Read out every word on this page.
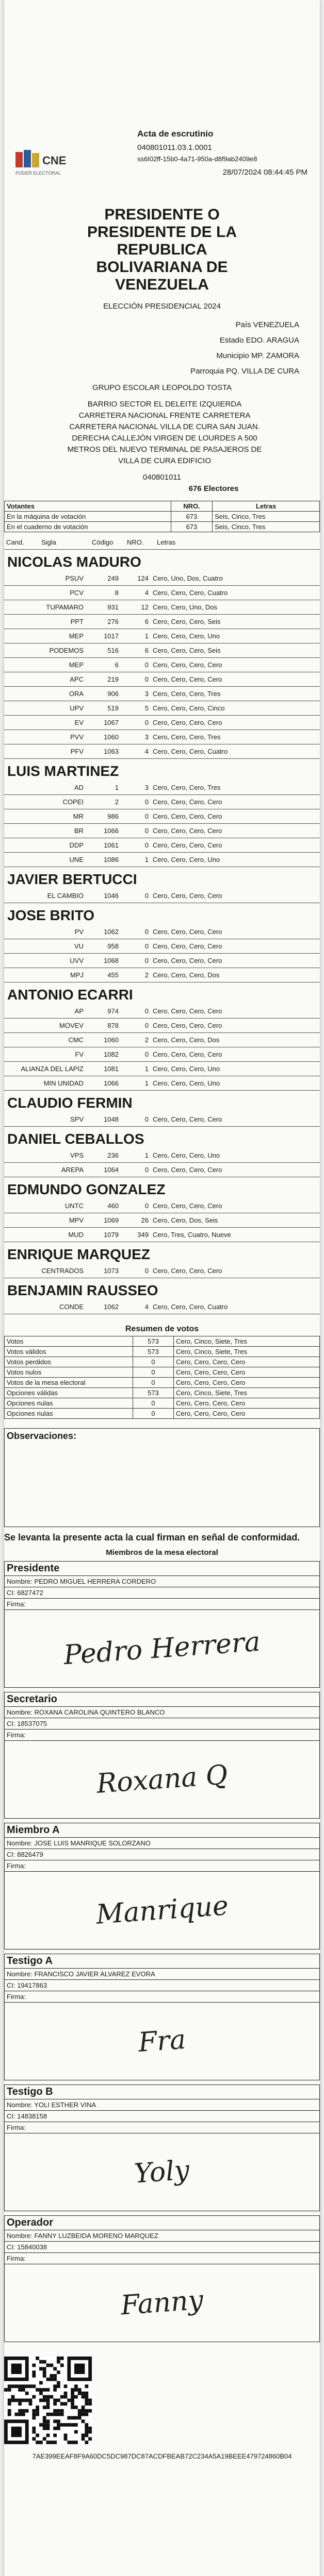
CNE
PODER ELECTORAL
Acta de escrutinio
040801011.03.1.0001
ss6I02ff-15b0-4a71-950a-d8f9ab2409e8
28/07/2024 08:44:45 PM
PRESIDENTE O
PRESIDENTE DE LA
REPUBLICA
BOLIVARIANA DE
VENEZUELA
ELECCIÓN PRESIDENCIAL 2024
País VENEZUELA
Estado EDO. ARAGUA
Municipio MP. ZAMORA
Parroquia PQ. VILLA DE CURA
GRUPO ESCOLAR LEOPOLDO TOSTA
BARRIO SECTOR EL DELEITE IZQUIERDA CARRETERA NACIONAL FRENTE CARRETERA CARRETERA NACIONAL VILLA DE CURA SAN JUAN. DERECHA CALLEJÓN VIRGEN DE LOURDES A 500 METROS DEL NUEVO TERMINAL DE PASAJEROS DE VILLA DE CURA EDIFICIO
040801011
676 Electores
Votantes	NRO.	Letras
En la máquina de votación	673	Seis, Cinco, Tres
En el cuaderno de votación	673	Seis, Cinco, Tres
Cand.	Sigla	Código	NRO.	Letras
NICOLAS MADURO
PSUV	249	124	Cero, Uno, Dos, Cuatro
PCV	8	4	Cero, Cero, Cero, Cuatro
TUPAMARO	931	12	Cero, Cero, Uno, Dos
PPT	276	6	Cero, Cero, Cero, Seis
MEP	1017	1	Cero, Cero, Cero, Uno
PODEMOS	516	6	Cero, Cero, Cero, Seis
MEP	6	0	Cero, Cero, Cero, Cero
APC	219	0	Cero, Cero, Cero, Cero
ORA	906	3	Cero, Cero, Cero, Tres
UPV	519	5	Cero, Cero, Cero, Cinco
EV	1067	0	Cero, Cero, Cero, Cero
PVV	1060	3	Cero, Cero, Cero, Tres
PFV	1063	4	Cero, Cero, Cero, Cuatro
LUIS MARTINEZ
AD	1	3	Cero, Cero, Cero, Tres
COPEI	2	0	Cero, Cero, Cero, Cero
MR	986	0	Cero, Cero, Cero, Cero
BR	1066	0	Cero, Cero, Cero, Cero
DDP	1061	0	Cero, Cero, Cero, Cero
UNE	1086	1	Cero, Cero, Cero, Uno
JAVIER BERTUCCI
EL CAMBIO	1046	0	Cero, Cero, Cero, Cero
JOSE BRITO
PV	1062	0	Cero, Cero, Cero, Cero
VU	958	0	Cero, Cero, Cero, Cero
UVV	1068	0	Cero, Cero, Cero, Cero
MPJ	455	2	Cero, Cero, Cero, Dos
ANTONIO ECARRI
AP	974	0	Cero, Cero, Cero, Cero
MOVEV	878	0	Cero, Cero, Cero, Cero
CMC	1060	2	Cero, Cero, Cero, Dos
FV	1082	0	Cero, Cero, Cero, Cero
ALIANZA DEL LAPIZ	1081	1	Cero, Cero, Cero, Uno
MIN UNIDAD	1066	1	Cero, Cero, Cero, Uno
CLAUDIO FERMIN
SPV	1048	0	Cero, Cero, Cero, Cero
DANIEL CEBALLOS
VPS	236	1	Cero, Cero, Cero, Uno
AREPA	1064	0	Cero, Cero, Cero, Cero
EDMUNDO GONZALEZ
UNTC	460	0	Cero, Cero, Cero, Cero
MPV	1069	26	Cero, Cero, Dos, Seis
MUD	1079	349	Cero, Tres, Cuatro, Nueve
ENRIQUE MARQUEZ
CENTRADOS	1073	0	Cero, Cero, Cero, Cero
BENJAMIN RAUSSEO
CONDE	1062	4	Cero, Cero, Cero, Cuatro
Resumen de votos
Votos	573	Cero, Cinco, Siete, Tres
Votos válidos	573	Cero, Cinco, Siete, Tres
Votos perdidos	0	Cero, Cero, Cero, Cero
Votos nulos	0	Cero, Cero, Cero, Cero
Votos de la mesa electoral	0	Cero, Cero, Cero, Cero
Opciones válidas	573	Cero, Cinco, Siete, Tres
Opciones nulas	0	Cero, Cero, Cero, Cero
Opciones nulas	0	Cero, Cero, Cero, Cero
Observaciones:
Se levanta la presente acta la cual firman en señal de conformidad.
Miembros de la mesa electoral
Presidente
Nombre: PEDRO MIGUEL HERRERA CORDERO
CI: 6827472
Firma:
Pedro Herrera
Secretario
Nombre: ROXANA CAROLINA QUINTERO BLANCO
CI: 18537075
Firma:
Roxana Q
Miembro A
Nombre: JOSE LUIS MANRIQUE SOLORZANO
CI: 8826479
Firma:
Manrique
Testigo A
Nombre: FRANCISCO JAVIER ALVAREZ EVORA
CI: 19417863
Firma:
Fra
Testigo B
Nombre: YOLI ESTHER VINA
CI: 14838158
Firma:
Yoly
Operador
Nombre: FANNY LUZBEIDA MORENO MARQUEZ
CI: 15840038
Firma:
Fanny
7AE399EEAF8F9A60DC5DC987DC87ACDFBEAB72C234A5A19BEEE479724860B04
